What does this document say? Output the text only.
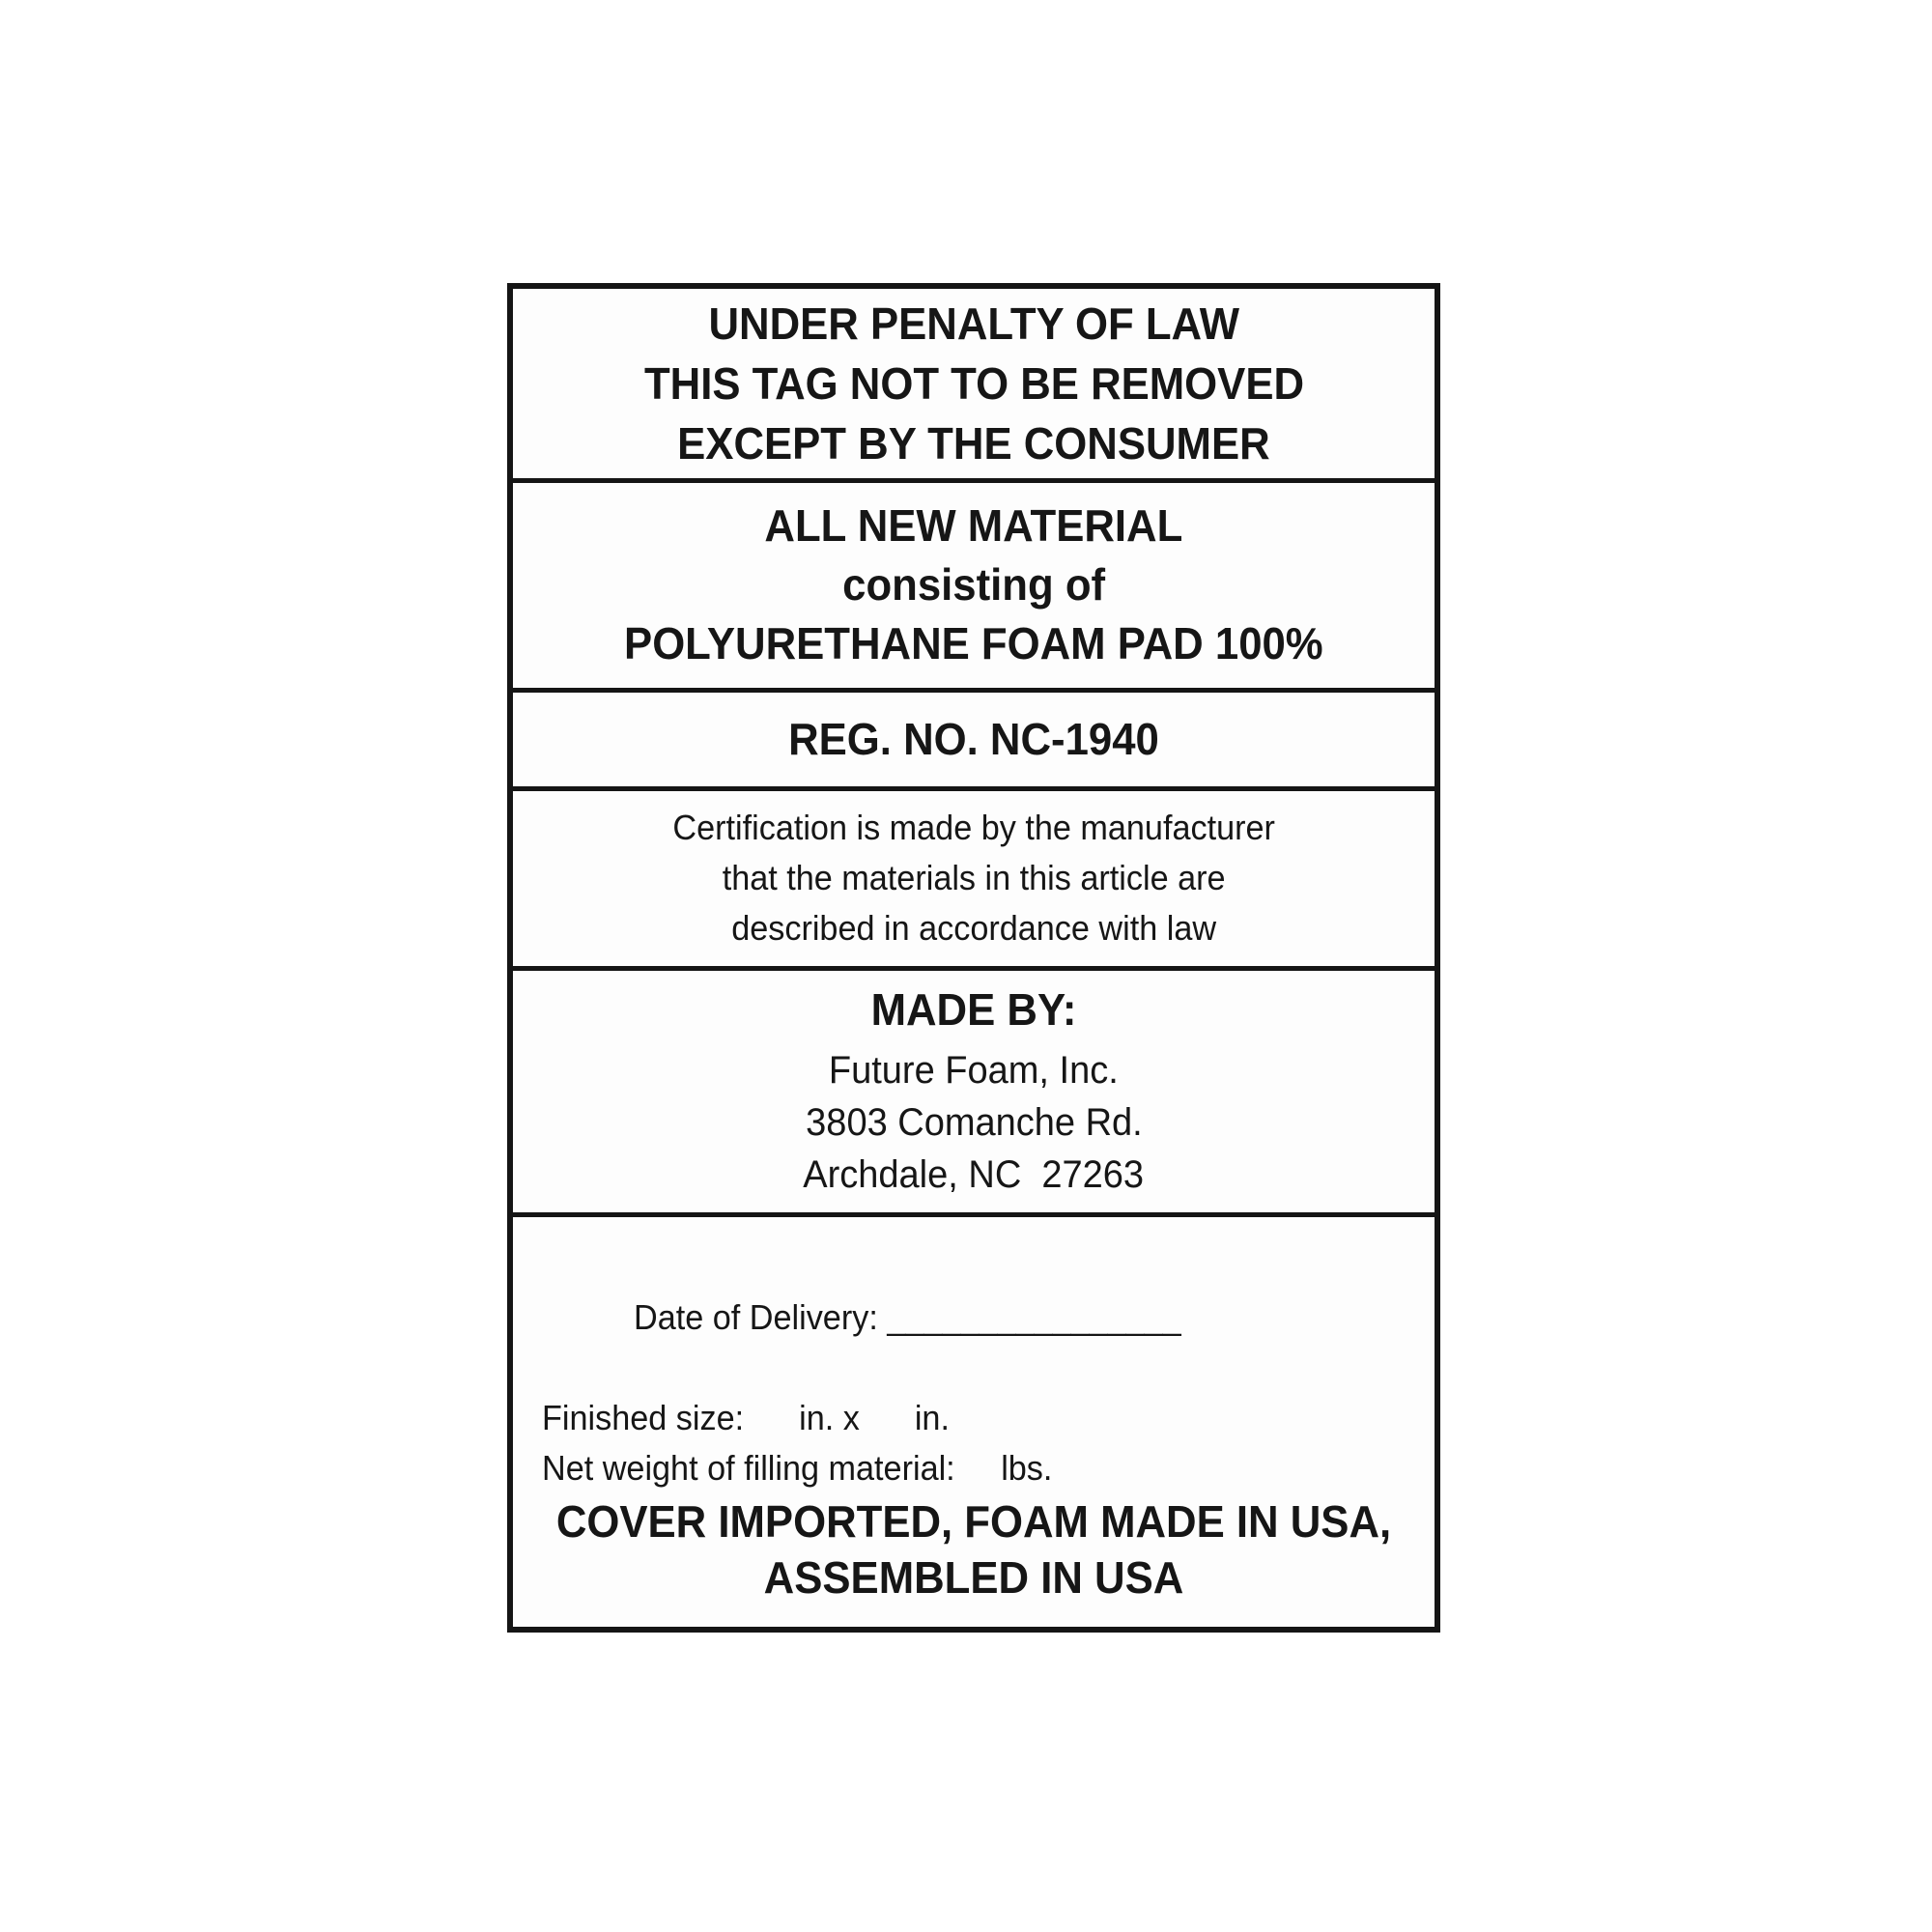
UNDER PENALTY OF LAW
THIS TAG NOT TO BE REMOVED
EXCEPT BY THE CONSUMER
ALL NEW MATERIAL
consisting of
POLYURETHANE FOAM PAD 100%
REG. NO. NC-1940
Certification is made by the manufacturer
that the materials in this article are
described in accordance with law
MADE BY:
Future Foam, Inc.
3803 Comanche Rd.
Archdale, NC  27263

Date of Delivery: ________________

Finished size:      in. x      in.
Net weight of filling material:     lbs.
COVER IMPORTED, FOAM MADE IN USA,
ASSEMBLED IN USA
